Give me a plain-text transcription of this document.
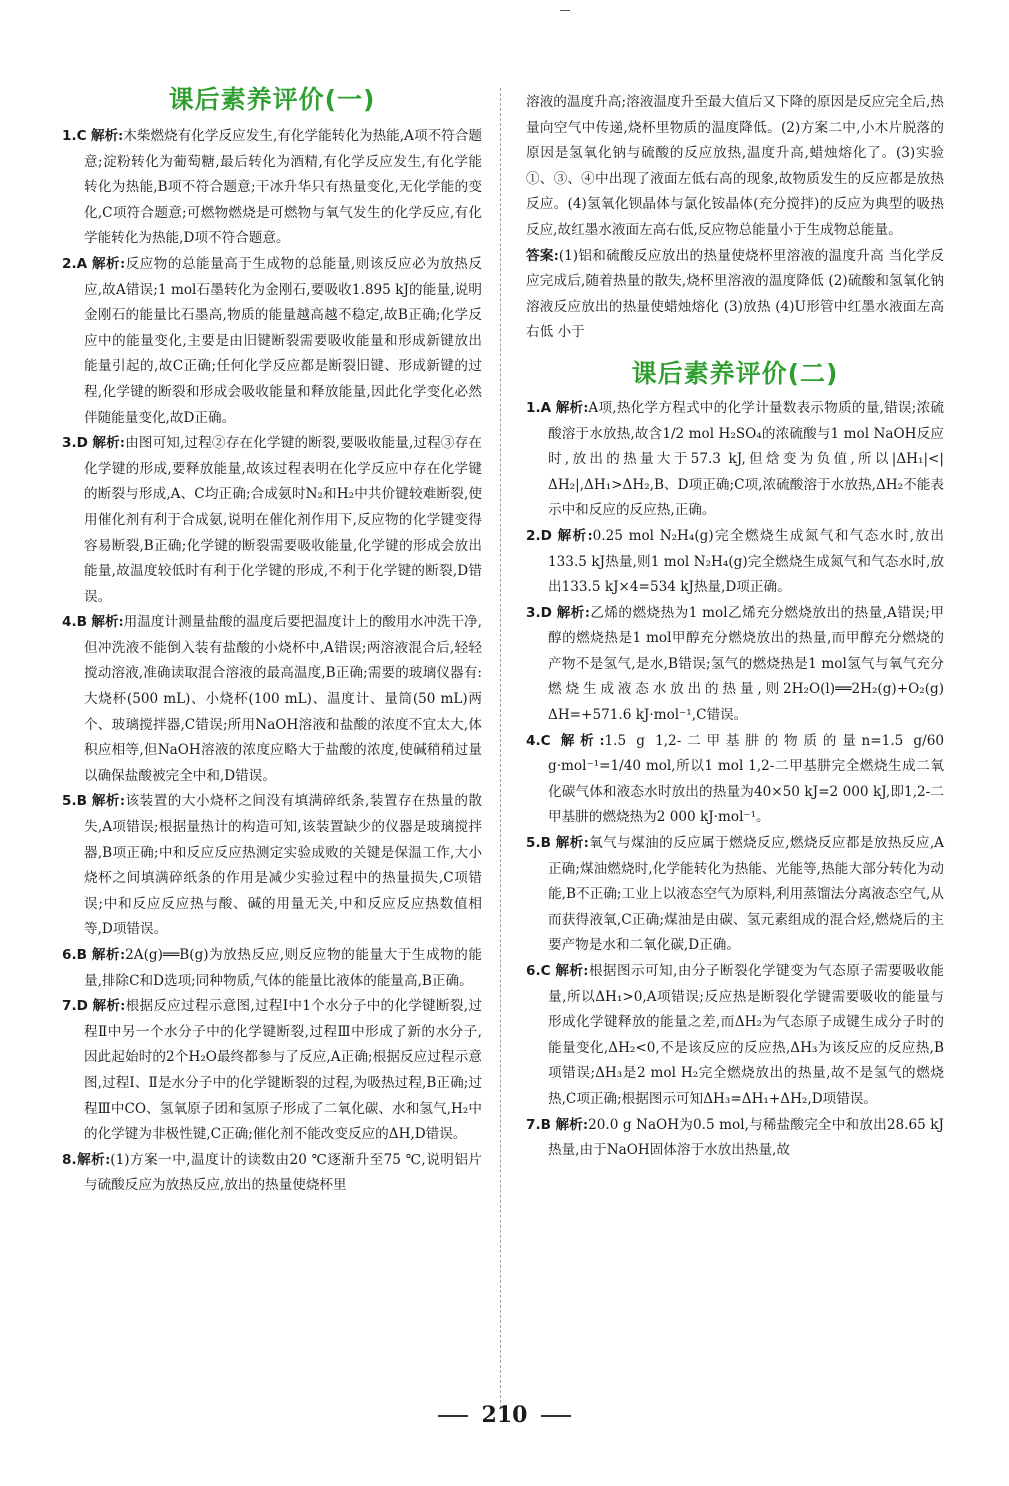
课后素养评价(一)
1.C 解析:木柴燃烧有化学反应发生,有化学能转化为热能,A项不符合题意;淀粉转化为葡萄糖,最后转化为酒精,有化学反应发生,有化学能转化为热能,B项不符合题意;干冰升华只有热量变化,无化学能的变化,C项符合题意;可燃物燃烧是可燃物与氧气发生的化学反应,有化学能转化为热能,D项不符合题意。
2.A 解析:反应物的总能量高于生成物的总能量,则该反应必为放热反应,故A错误;1 mol石墨转化为金刚石,要吸收1.895 kJ的能量,说明金刚石的能量比石墨高,物质的能量越高越不稳定,故B正确;化学反应中的能量变化,主要是由旧键断裂需要吸收能量和形成新键放出能量引起的,故C正确;任何化学反应都是断裂旧键、形成新键的过程,化学键的断裂和形成会吸收能量和释放能量,因此化学变化必然伴随能量变化,故D正确。
3.D 解析:由图可知,过程②存在化学键的断裂,要吸收能量,过程③存在化学键的形成,要释放能量,故该过程表明在化学反应中存在化学键的断裂与形成,A、C均正确;合成氨时N₂和H₂中共价键较难断裂,使用催化剂有利于合成氨,说明在催化剂作用下,反应物的化学键变得容易断裂,B正确;化学键的断裂需要吸收能量,化学键的形成会放出能量,故温度较低时有利于化学键的形成,不利于化学键的断裂,D错误。
4.B 解析:用温度计测量盐酸的温度后要把温度计上的酸用水冲洗干净,但冲洗液不能倒入装有盐酸的小烧杯中,A错误;两溶液混合后,轻轻搅动溶液,准确读取混合溶液的最高温度,B正确;需要的玻璃仪器有:大烧杯(500 mL)、小烧杯(100 mL)、温度计、量筒(50 mL)两个、玻璃搅拌器,C错误;所用NaOH溶液和盐酸的浓度不宜太大,体积应相等,但NaOH溶液的浓度应略大于盐酸的浓度,使碱稍稍过量以确保盐酸被完全中和,D错误。
5.B 解析:该装置的大小烧杯之间没有填满碎纸条,装置存在热量的散失,A项错误;根据量热计的构造可知,该装置缺少的仪器是玻璃搅拌器,B项正确;中和反应反应热测定实验成败的关键是保温工作,大小烧杯之间填满碎纸条的作用是减少实验过程中的热量损失,C项错误;中和反应反应热与酸、碱的用量无关,中和反应反应热数值相等,D项错误。
6.B 解析:2A(g)══B(g)为放热反应,则反应物的能量大于生成物的能量,排除C和D选项;同种物质,气体的能量比液体的能量高,B正确。
7.D 解析:根据反应过程示意图,过程Ⅰ中1个水分子中的化学键断裂,过程Ⅱ中另一个水分子中的化学键断裂,过程Ⅲ中形成了新的水分子,因此起始时的2个H₂O最终都参与了反应,A正确;根据反应过程示意图,过程Ⅰ、Ⅱ是水分子中的化学键断裂的过程,为吸热过程,B正确;过程Ⅲ中CO、氢氧原子团和氢原子形成了二氧化碳、水和氢气,H₂中的化学键为非极性键,C正确;催化剂不能改变反应的ΔH,D错误。
8.解析:(1)方案一中,温度计的读数由20 ℃逐渐升至75 ℃,说明铝片与硫酸反应为放热反应,放出的热量使烧杯里
溶液的温度升高;溶液温度升至最大值后又下降的原因是反应完全后,热量向空气中传递,烧杯里物质的温度降低。(2)方案二中,小木片脱落的原因是氢氧化钠与硫酸的反应放热,温度升高,蜡烛熔化了。(3)实验①、③、④中出现了液面左低右高的现象,故物质发生的反应都是放热反应。(4)氢氧化钡晶体与氯化铵晶体(充分搅拌)的反应为典型的吸热反应,故红墨水液面左高右低,反应物总能量小于生成物总能量。
答案:(1)铝和硫酸反应放出的热量使烧杯里溶液的温度升高 当化学反应完成后,随着热量的散失,烧杯里溶液的温度降低 (2)硫酸和氢氧化钠溶液反应放出的热量使蜡烛熔化 (3)放热 (4)U形管中红墨水液面左高右低 小于
课后素养评价(二)
1.A 解析:A项,热化学方程式中的化学计量数表示物质的量,错误;浓硫酸溶于水放热,故含1/2 mol H₂SO₄的浓硫酸与1 mol NaOH反应时,放出的热量大于57.3 kJ,但焓变为负值,所以|ΔH₁|<|ΔH₂|,ΔH₁>ΔH₂,B、D项正确;C项,浓硫酸溶于水放热,ΔH₂不能表示中和反应的反应热,正确。
2.D 解析:0.25 mol N₂H₄(g)完全燃烧生成氮气和气态水时,放出133.5 kJ热量,则1 mol N₂H₄(g)完全燃烧生成氮气和气态水时,放出133.5 kJ×4=534 kJ热量,D项正确。
3.D 解析:乙烯的燃烧热为1 mol乙烯充分燃烧放出的热量,A错误;甲醇的燃烧热是1 mol甲醇充分燃烧放出的热量,而甲醇充分燃烧的产物不是氢气,是水,B错误;氢气的燃烧热是1 mol氢气与氧气充分燃烧生成液态水放出的热量,则2H₂O(l)══2H₂(g)+O₂(g) ΔH=+571.6 kJ·mol⁻¹,C错误。
4.C 解析:1.5 g 1,2-二甲基肼的物质的量n=1.5 g/60 g·mol⁻¹=1/40 mol,所以1 mol 1,2-二甲基肼完全燃烧生成二氧化碳气体和液态水时放出的热量为40×50 kJ=2 000 kJ,即1,2-二甲基肼的燃烧热为2 000 kJ·mol⁻¹。
5.B 解析:氧气与煤油的反应属于燃烧反应,燃烧反应都是放热反应,A正确;煤油燃烧时,化学能转化为热能、光能等,热能大部分转化为动能,B不正确;工业上以液态空气为原料,利用蒸馏法分离液态空气,从而获得液氧,C正确;煤油是由碳、氢元素组成的混合烃,燃烧后的主要产物是水和二氧化碳,D正确。
6.C 解析:根据图示可知,由分子断裂化学键变为气态原子需要吸收能量,所以ΔH₁>0,A项错误;反应热是断裂化学键需要吸收的能量与形成化学键释放的能量之差,而ΔH₂为气态原子成键生成分子时的能量变化,ΔH₂<0,不是该反应的反应热,ΔH₃为该反应的反应热,B项错误;ΔH₃是2 mol H₂完全燃烧放出的热量,故不是氢气的燃烧热,C项正确;根据图示可知ΔH₃=ΔH₁+ΔH₂,D项错误。
7.B 解析:20.0 g NaOH为0.5 mol,与稀盐酸完全中和放出28.65 kJ热量,由于NaOH固体溶于水放出热量,故
210
